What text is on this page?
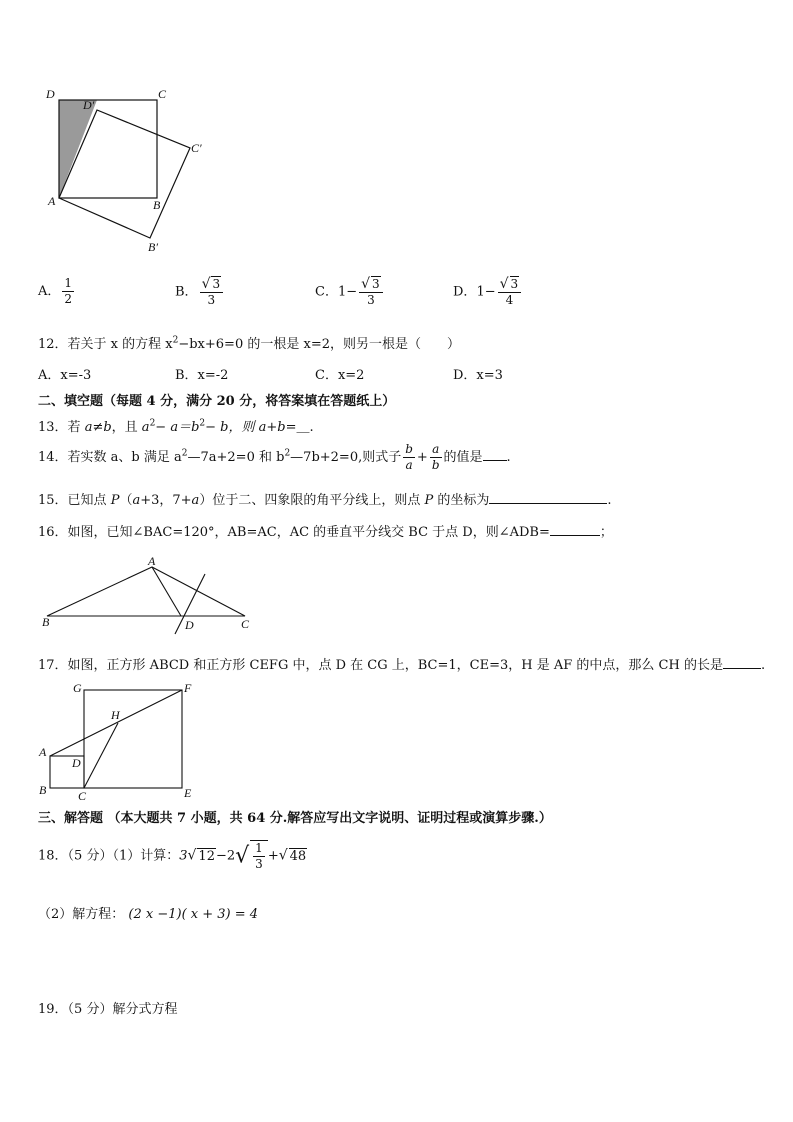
D
D′
C
C′
A	B
B′
A． $\frac{1}{2}$	B． $\frac{√ 3}{3}$	C．$1- \frac{√ 3}{3}$	D．$1- \frac{√ 3}{4}$
12．若关于 x 的方程 $x^2-bx+6=0$ 的一根是 x=2，则另一根是（　　）
A．x=-3	B．x=-2	C．x=2	D．x=3
二、填空题（每题 4 分，满分 20 分，将答案填在答题纸上）
13．若 a≠b，且 $a^2- a=b^2- b$，则 a+b=＿.
14．若实数 a、b 满足 $a^2—7a+2=0$ 和 $b^2—7b+2=0$,则式子 $\frac{b}{a} + \frac{a}{b}$ 的值是 .
15．已知点 P（a+3，7+a）位于二、四象限的角平分线上，则点 P 的坐标为	.
16．如图，已知∠BAC=120°，AB=AC，AC 的垂直平分线交 BC 于点 D，则∠ADB=	；
A
B	C
D
17．如图，正方形 ABCD 和正方形 CEFG 中，点 D 在 CG 上，BC=1，CE=3，H 是 AF 的中点，那么 CH 的长是	.
G	F
H
A
D
B	C	E
三、解答题 （本大题共 7 小题，共 64 分.解答应写出文字说明、证明过程或演算步骤.）
18．（5 分）（1）计算：3√ $12-2√ \frac{1}{3}$ +√ 48
（2）解方程： (2 x −1)( x + 3) = 4
19．（5 分）解分式方程
